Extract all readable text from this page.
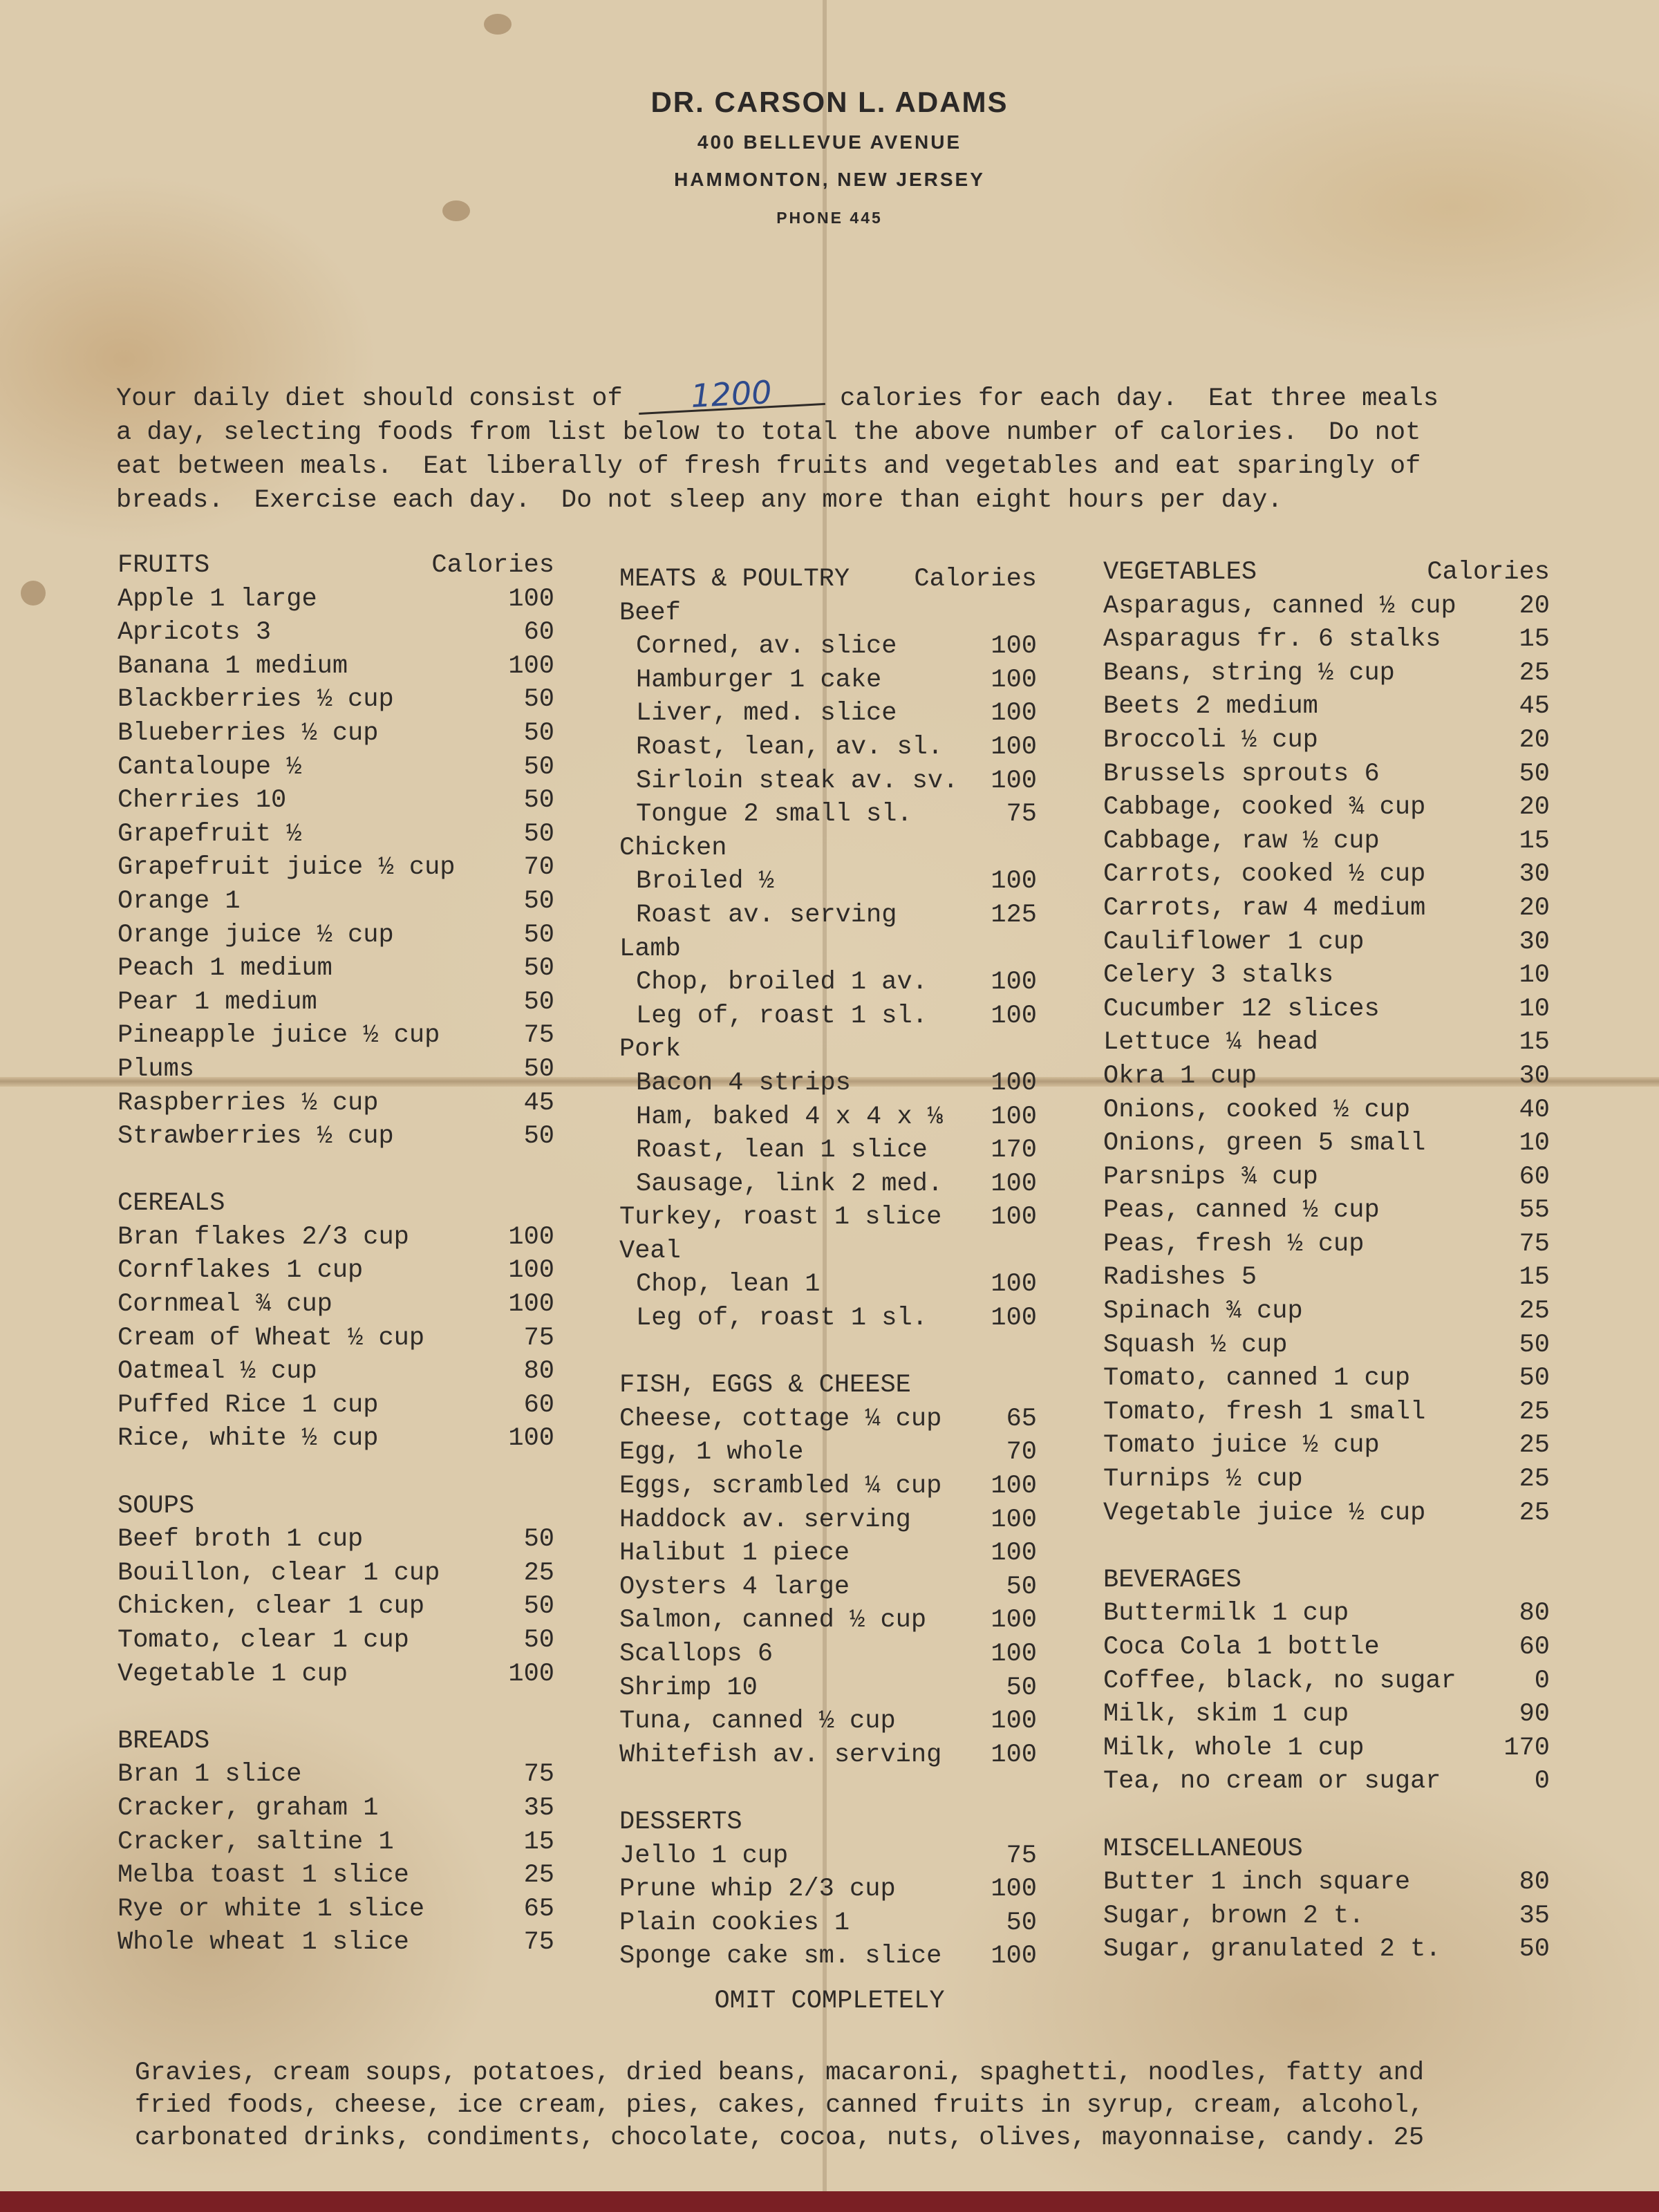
DR. CARSON L. ADAMS
400 BELLEVUE AVENUE
HAMMONTON, NEW JERSEY
PHONE 445
Your daily diet should consist of 1200 calories for each day.  Eat three meals
a day, selecting foods from list below to total the above number of calories.  Do not
eat between meals.  Eat liberally of fresh fruits and vegetables and eat sparingly of
breads.  Exercise each day.  Do not sleep any more than eight hours per day.
FRUITS	Calories
Apple 1 large	100
Apricots 3	60
Banana 1 medium	100
Blackberries ½ cup	50
Blueberries ½ cup	50
Cantaloupe ½	50
Cherries 10	50
Grapefruit ½	50
Grapefruit juice ½ cup	70
Orange 1	50
Orange juice ½ cup	50
Peach 1 medium	50
Pear 1 medium	50
Pineapple juice ½ cup	75
Plums	50
Raspberries ½ cup	45
Strawberries ½ cup	50
CEREALS
Bran flakes 2/3 cup	100
Cornflakes 1 cup	100
Cornmeal ¾ cup	100
Cream of Wheat ½ cup	75
Oatmeal ½ cup	80
Puffed Rice 1 cup	60
Rice, white ½ cup	100
SOUPS
Beef broth 1 cup	50
Bouillon, clear 1 cup	25
Chicken, clear 1 cup	50
Tomato, clear 1 cup	50
Vegetable 1 cup	100
BREADS
Bran 1 slice	75
Cracker, graham 1	35
Cracker, saltine 1	15
Melba toast 1 slice	25
Rye or white 1 slice	65
Whole wheat 1 slice	75
MEATS & POULTRY	Calories
Beef
Corned, av. slice	100
Hamburger 1 cake	100
Liver, med. slice	100
Roast, lean, av. sl. 100
Sirloin steak av. sv. 100
Tongue 2 small sl.	75
Chicken
Broiled ½	100
Roast av. serving	125
Lamb
Chop, broiled 1 av. 100
Leg of, roast 1 sl. 100
Pork
Bacon 4 strips	100
Ham, baked 4 x 4 x ⅛ 100
Roast, lean 1 slice 170
Sausage, link 2 med. 100
Turkey, roast 1 slice 100
Veal
Chop, lean 1	100
Leg of, roast 1 sl. 100
FISH, EGGS & CHEESE
Cheese, cottage ¼ cup	65
Egg, 1 whole	70
Eggs, scrambled ¼ cup 100
Haddock av. serving	100
Halibut 1 piece	100
Oysters 4 large	50
Salmon, canned ½ cup	100
Scallops 6	100
Shrimp 10	50
Tuna, canned ½ cup	100
Whitefish av. serving 100
DESSERTS
Jello 1 cup	75
Prune whip 2/3 cup	100
Plain cookies 1	50
Sponge cake sm. slice 100
VEGETABLES	Calories
Asparagus, canned ½ cup 20
Asparagus fr. 6 stalks	15
Beans, string ½ cup	25
Beets 2 medium	45
Broccoli ½ cup	20
Brussels sprouts 6	50
Cabbage, cooked ¾ cup	20
Cabbage, raw ½ cup	15
Carrots, cooked ½ cup	30
Carrots, raw 4 medium	20
Cauliflower 1 cup	30
Celery 3 stalks	10
Cucumber 12 slices	10
Lettuce ¼ head	15
Okra 1 cup	30
Onions, cooked ½ cup	40
Onions, green 5 small	10
Parsnips ¾ cup	60
Peas, canned ½ cup	55
Peas, fresh ½ cup	75
Radishes 5	15
Spinach ¾ cup	25
Squash ½ cup	50
Tomato, canned 1 cup	50
Tomato, fresh 1 small	25
Tomato juice ½ cup	25
Turnips ½ cup	25
Vegetable juice ½ cup	25
BEVERAGES
Buttermilk 1 cup	80
Coca Cola 1 bottle	60
Coffee, black, no sugar	0
Milk, skim 1 cup	90
Milk, whole 1 cup	170
Tea, no cream or sugar	0
MISCELLANEOUS
Butter 1 inch square	80
Sugar, brown 2 t.	35
Sugar, granulated 2 t.	50
OMIT COMPLETELY
Gravies, cream soups, potatoes, dried beans, macaroni, spaghetti, noodles, fatty and
fried foods, cheese, ice cream, pies, cakes, canned fruits in syrup, cream, alcohol,
carbonated drinks, condiments, chocolate, cocoa, nuts, olives, mayonnaise, candy. 25
